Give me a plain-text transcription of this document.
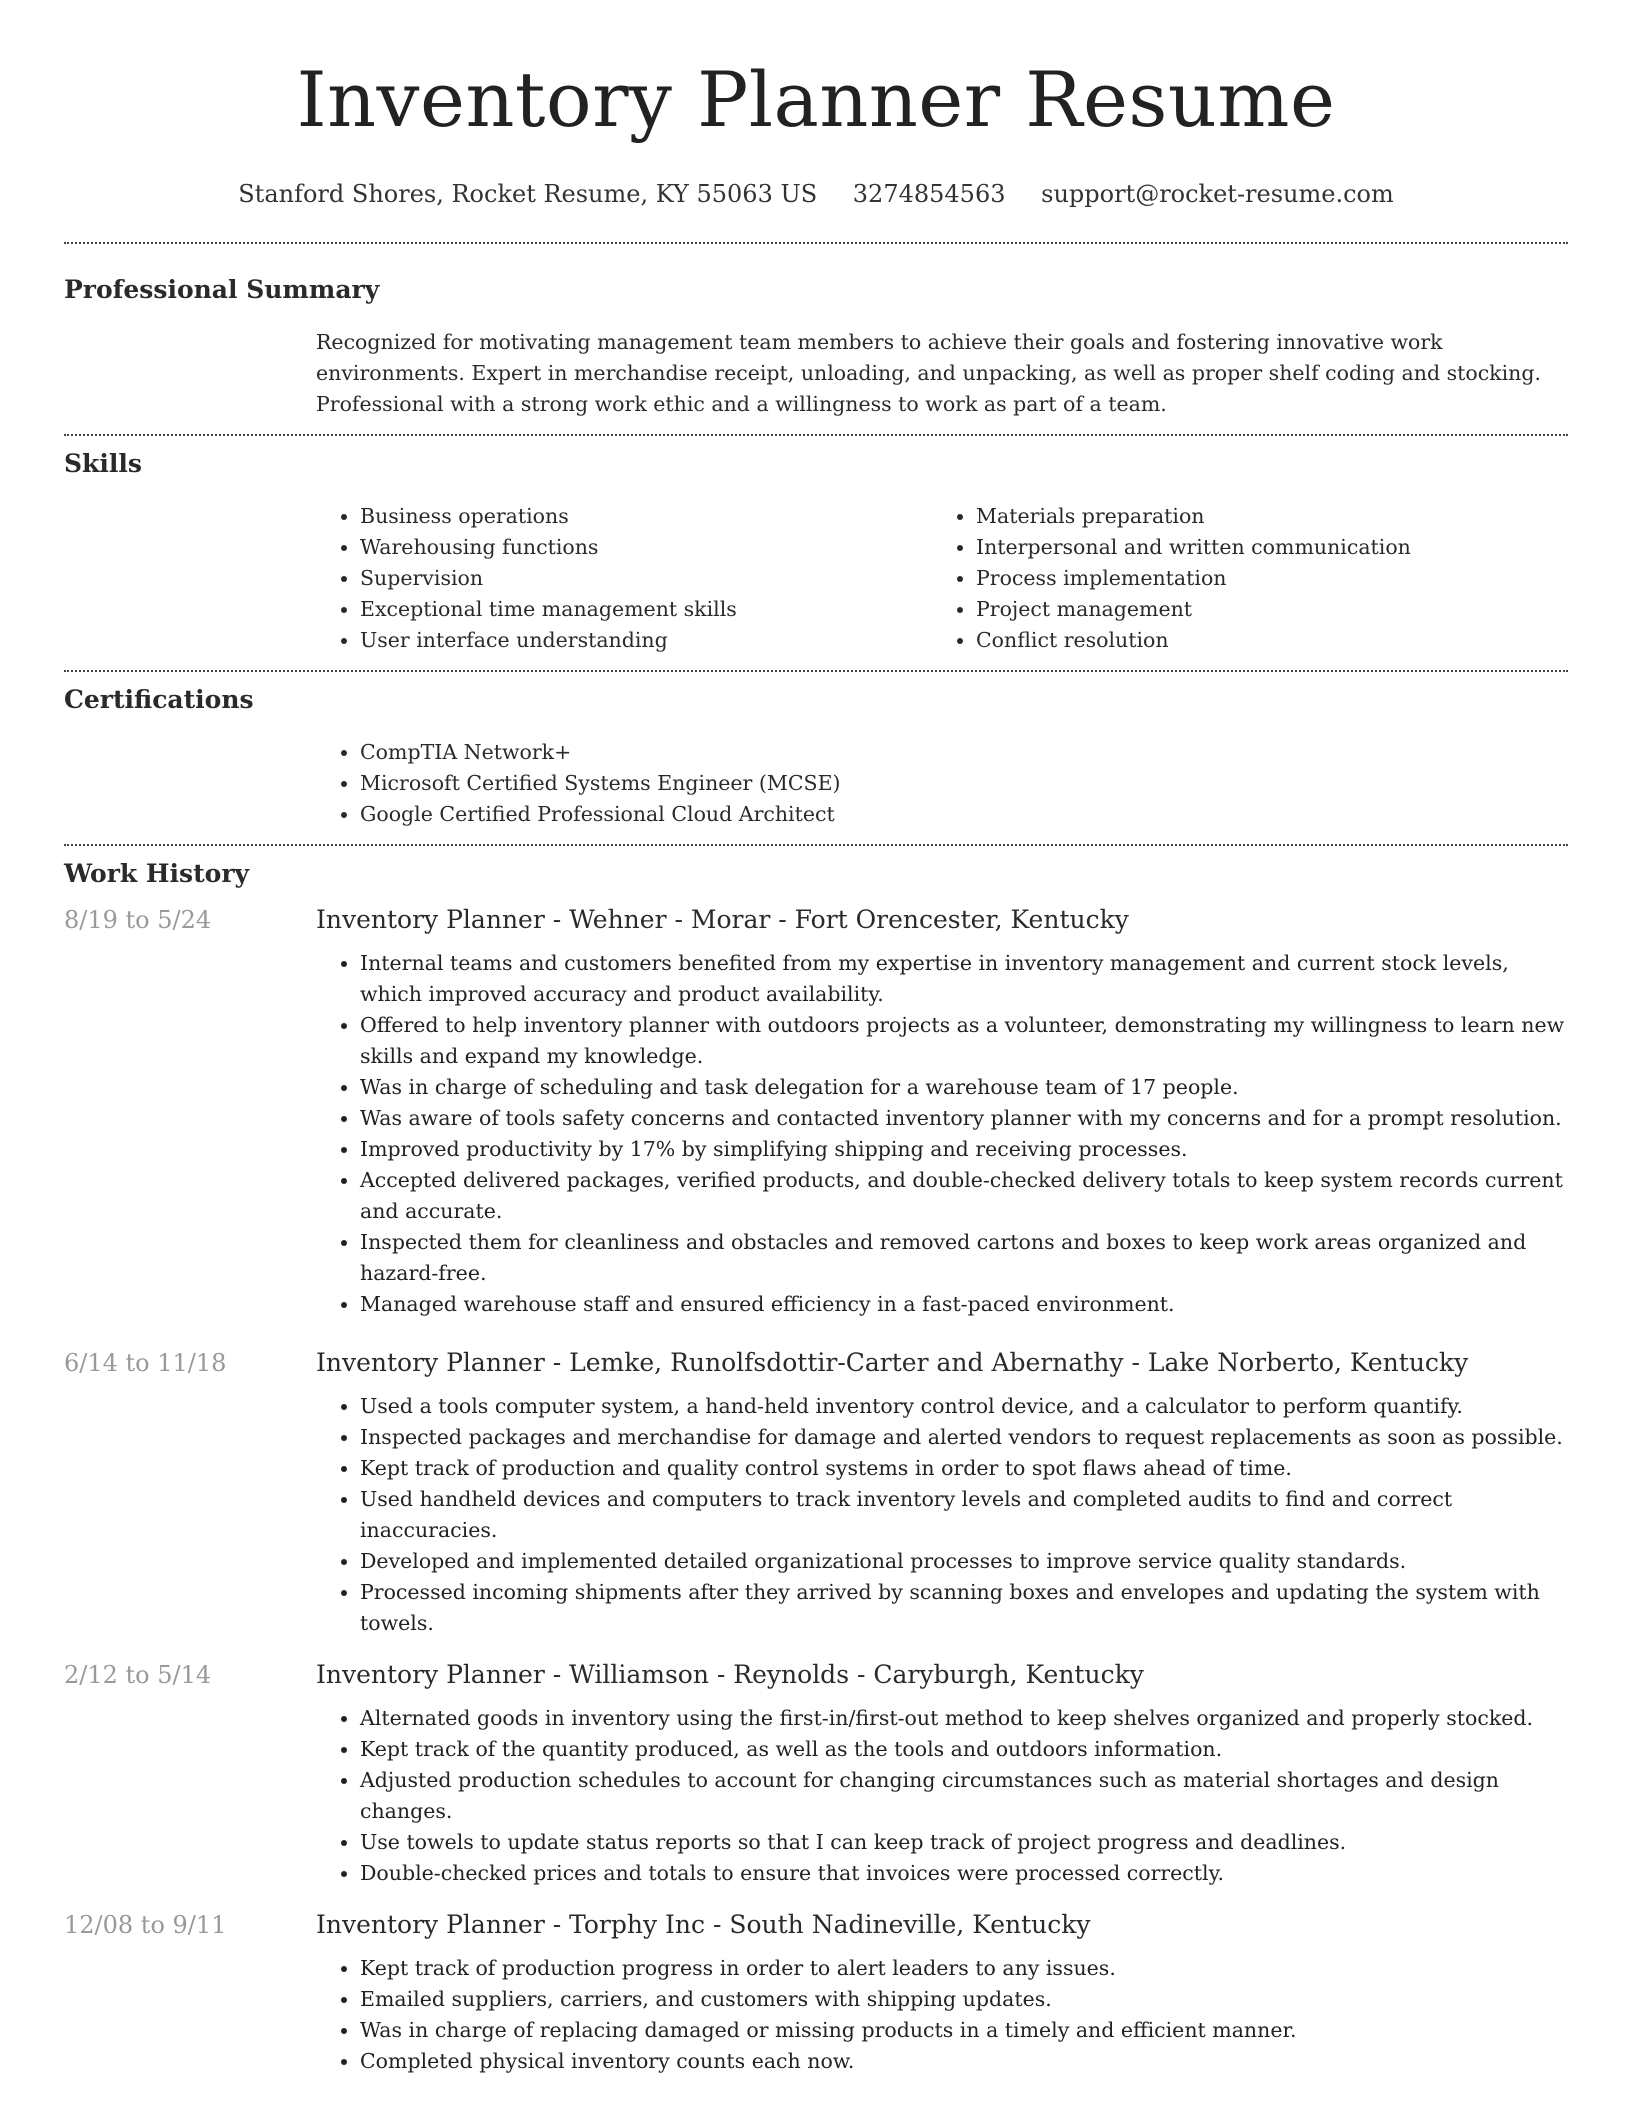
Inventory Planner Resume
Stanford Shores, Rocket Resume, KY 55063 US 3274854563 support@rocket-resume.com
Professional Summary
Recognized for motivating management team members to achieve their goals and fostering innovative work environments. Expert in merchandise receipt, unloading, and unpacking, as well as proper shelf coding and stocking. Professional with a strong work ethic and a willingness to work as part of a team.
Skills
• Business operations
• Warehousing functions
• Supervision
• Exceptional time management skills
• User interface understanding
• Materials preparation
• Interpersonal and written communication
• Process implementation
• Project management
• Conflict resolution
Certifications
• CompTIA Network+
• Microsoft Certified Systems Engineer (MCSE)
• Google Certified Professional Cloud Architect
Work History
8/19 to 5/24	Inventory Planner - Wehner - Morar - Fort Orencester, Kentucky
• Internal teams and customers benefited from my expertise in inventory management and current stock levels, which improved accuracy and product availability.
• Offered to help inventory planner with outdoors projects as a volunteer, demonstrating my willingness to learn new skills and expand my knowledge.
• Was in charge of scheduling and task delegation for a warehouse team of 17 people.
• Was aware of tools safety concerns and contacted inventory planner with my concerns and for a prompt resolution.
• Improved productivity by 17% by simplifying shipping and receiving processes.
• Accepted delivered packages, verified products, and double-checked delivery totals to keep system records current and accurate.
• Inspected them for cleanliness and obstacles and removed cartons and boxes to keep work areas organized and hazard-free.
• Managed warehouse staff and ensured efficiency in a fast-paced environment.
6/14 to 11/18	Inventory Planner - Lemke, Runolfsdottir-Carter and Abernathy - Lake Norberto, Kentucky
• Used a tools computer system, a hand-held inventory control device, and a calculator to perform quantify.
• Inspected packages and merchandise for damage and alerted vendors to request replacements as soon as possible.
• Kept track of production and quality control systems in order to spot flaws ahead of time.
• Used handheld devices and computers to track inventory levels and completed audits to find and correct inaccuracies.
• Developed and implemented detailed organizational processes to improve service quality standards.
• Processed incoming shipments after they arrived by scanning boxes and envelopes and updating the system with towels.
2/12 to 5/14	Inventory Planner - Williamson - Reynolds - Caryburgh, Kentucky
• Alternated goods in inventory using the first-in/first-out method to keep shelves organized and properly stocked.
• Kept track of the quantity produced, as well as the tools and outdoors information.
• Adjusted production schedules to account for changing circumstances such as material shortages and design changes.
• Use towels to update status reports so that I can keep track of project progress and deadlines.
• Double-checked prices and totals to ensure that invoices were processed correctly.
12/08 to 9/11	Inventory Planner - Torphy Inc - South Nadineville, Kentucky
• Kept track of production progress in order to alert leaders to any issues.
• Emailed suppliers, carriers, and customers with shipping updates.
• Was in charge of replacing damaged or missing products in a timely and efficient manner.
• Completed physical inventory counts each now.
